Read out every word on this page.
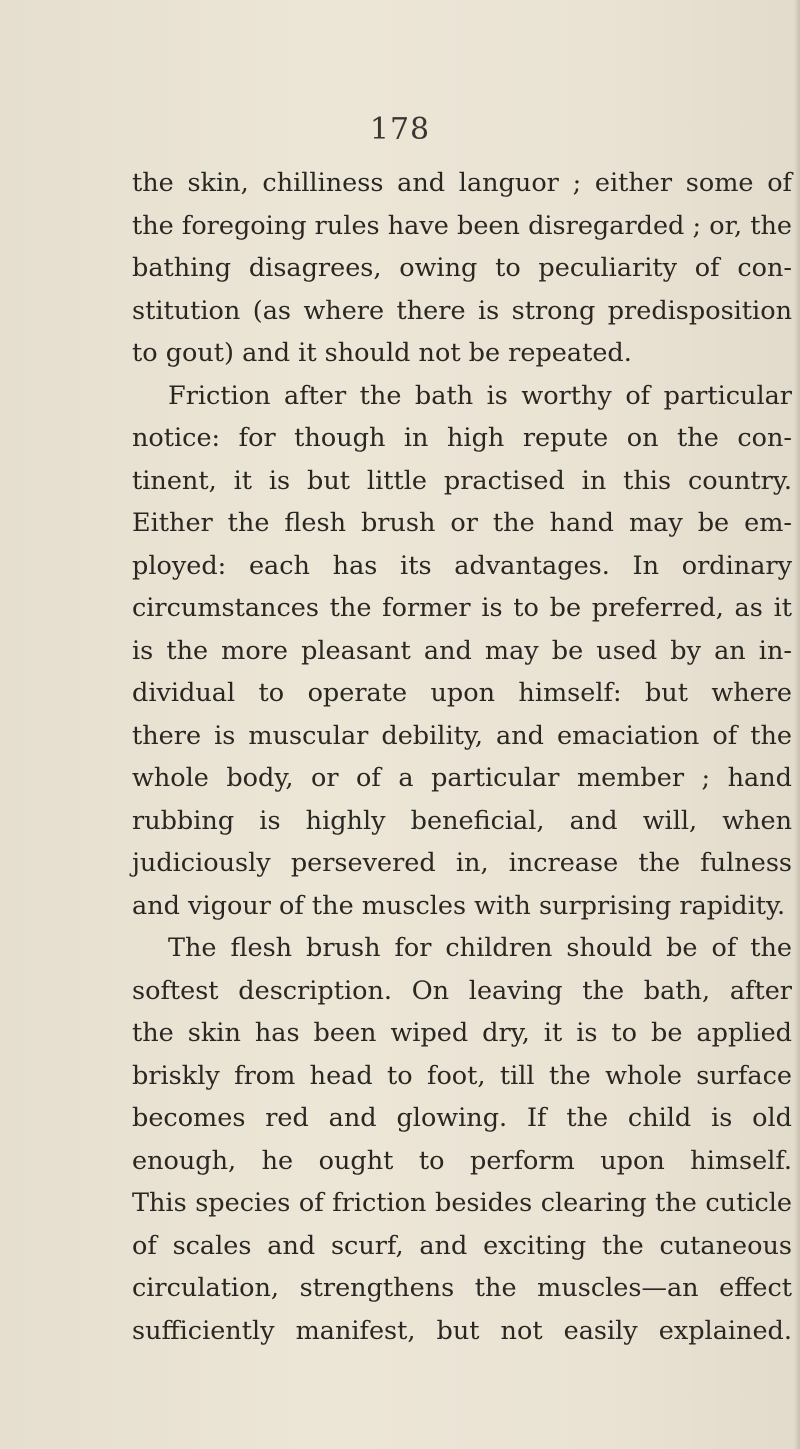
178
the skin, chilliness and languor ; either some of
the foregoing rules have been disregarded ; or, the
bathing disagrees, owing to peculiarity of con-
stitution (as where there is strong predisposition
to gout) and it should not be repeated.
Friction after the bath is worthy of particular
notice: for though in high repute on the con-
tinent, it is but little practised in this country.
Either the flesh brush or the hand may be em-
ployed: each has its advantages. In ordinary
circumstances the former is to be preferred, as it
is the more pleasant and may be used by an in-
dividual to operate upon himself: but where
there is muscular debility, and emaciation of the
whole body, or of a particular member ; hand
rubbing is highly beneficial, and will, when
judiciously persevered in, increase the fulness
and vigour of the muscles with surprising rapidity.
The flesh brush for children should be of the
softest description. On leaving the bath, after
the skin has been wiped dry, it is to be applied
briskly from head to foot, till the whole surface
becomes red and glowing. If the child is old
enough, he ought to perform upon himself.
This species of friction besides clearing the cuticle
of scales and scurf, and exciting the cutaneous
circulation, strengthens the muscles—an effect
sufficiently manifest, but not easily explained.
